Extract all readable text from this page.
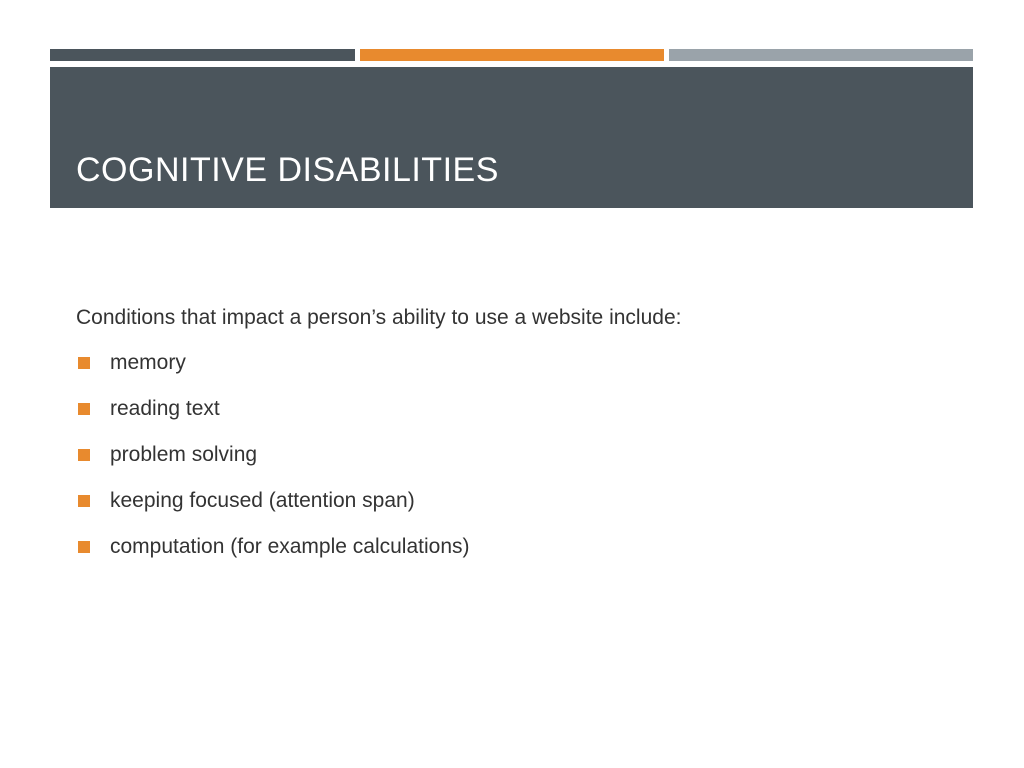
COGNITIVE DISABILITIES

Conditions that impact a person’s ability to use a website include:

memory
reading text
problem solving
keeping focused (attention span)
computation (for example calculations)
